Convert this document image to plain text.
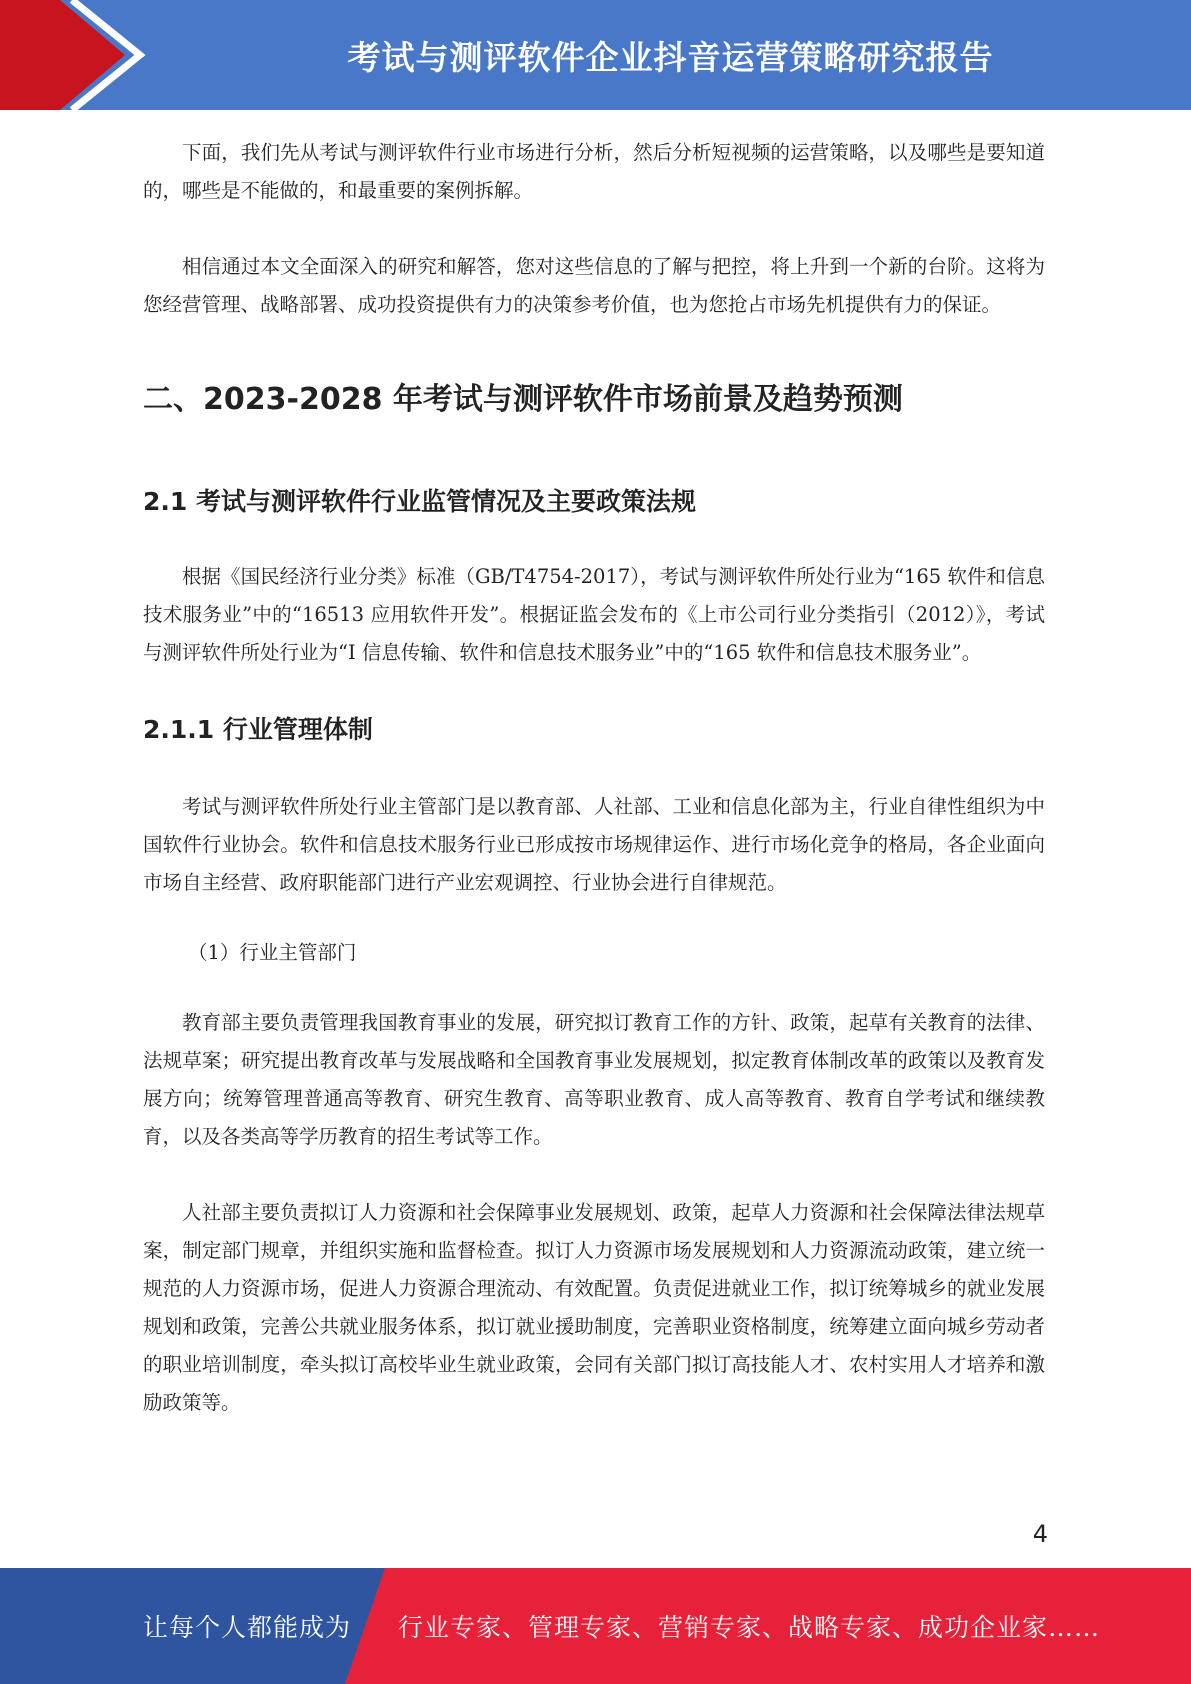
考试与测评软件企业抖音运营策略研究报告

下面，我们先从考试与测评软件行业市场进行分析，然后分析短视频的运营策略，以及哪些是要知道的，哪些是不能做的，和最重要的案例拆解。

相信通过本文全面深入的研究和解答，您对这些信息的了解与把控，将上升到一个新的台阶。这将为您经营管理、战略部署、成功投资提供有力的决策参考价值，也为您抢占市场先机提供有力的保证。

二、2023-2028 年考试与测评软件市场前景及趋势预测
2.1 考试与测评软件行业监管情况及主要政策法规

根据《国民经济行业分类》标准（GB/T4754-2017），考试与测评软件所处行业为“165 软件和信息技术服务业”中的“16513 应用软件开发”。根据证监会发布的《上市公司行业分类指引（2012）》，考试与测评软件所处行业为“I 信息传输、软件和信息技术服务业”中的“165 软件和信息技术服务业”。

2.1.1 行业管理体制

考试与测评软件所处行业主管部门是以教育部、人社部、工业和信息化部为主，行业自律性组织为中国软件行业协会。软件和信息技术服务行业已形成按市场规律运作、进行市场化竞争的格局，各企业面向市场自主经营、政府职能部门进行产业宏观调控、行业协会进行自律规范。

（1）行业主管部门

教育部主要负责管理我国教育事业的发展，研究拟订教育工作的方针、政策，起草有关教育的法律、法规草案；研究提出教育改革与发展战略和全国教育事业发展规划，拟定教育体制改革的政策以及教育发展方向；统筹管理普通高等教育、研究生教育、高等职业教育、成人高等教育、教育自学考试和继续教育，以及各类高等学历教育的招生考试等工作。

人社部主要负责拟订人力资源和社会保障事业发展规划、政策，起草人力资源和社会保障法律法规草案，制定部门规章，并组织实施和监督检查。拟订人力资源市场发展规划和人力资源流动政策，建立统一规范的人力资源市场，促进人力资源合理流动、有效配置。负责促进就业工作，拟订统筹城乡的就业发展规划和政策，完善公共就业服务体系，拟订就业援助制度，完善职业资格制度，统筹建立面向城乡劳动者的职业培训制度，牵头拟订高校毕业生就业政策，会同有关部门拟订高技能人才、农村实用人才培养和激励政策等。

4
让每个人都能成为 行业专家、管理专家、营销专家、战略专家、成功企业家……
